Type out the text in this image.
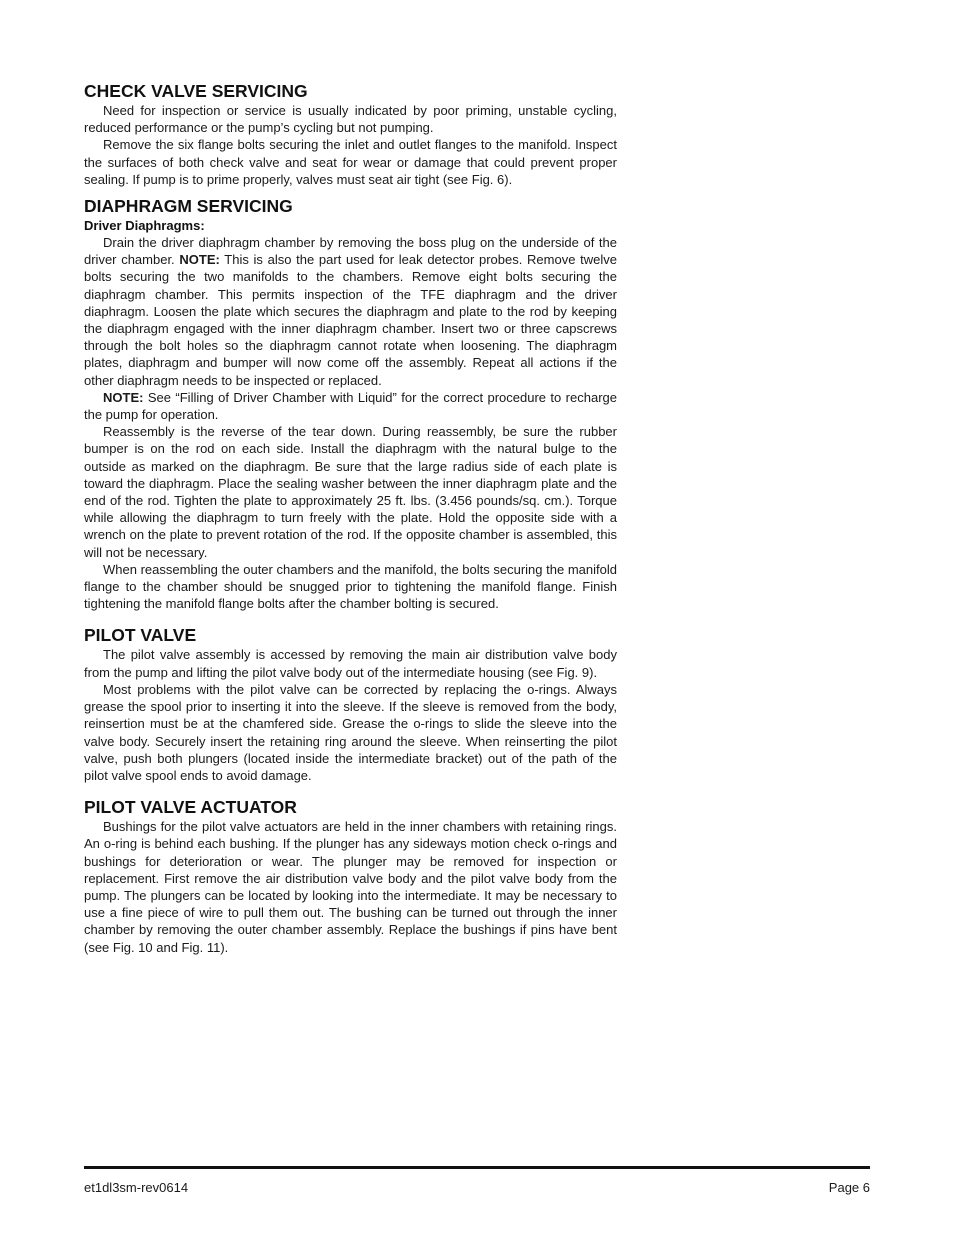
CHECK VALVE SERVICING

Need for inspection or service is usually indicated by poor priming, unstable cycling, reduced performance or the pump’s cycling but not pumping.

Remove the six flange bolts securing the inlet and outlet flanges to the manifold. Inspect the surfaces of both check valve and seat for wear or damage that could prevent proper sealing. If pump is to prime properly, valves must seat air tight (see Fig. 6).

DIAPHRAGM SERVICING
Driver Diaphragms:

Drain the driver diaphragm chamber by removing the boss plug on the underside of the driver chamber. NOTE: This is also the part used for leak detector probes. Remove twelve bolts securing the two manifolds to the chambers. Remove eight bolts securing the diaphragm chamber. This permits inspection of the TFE diaphragm and the driver diaphragm. Loosen the plate which secures the diaphragm and plate to the rod by keeping the diaphragm engaged with the inner diaphragm chamber. Insert two or three capscrews through the bolt holes so the diaphragm cannot rotate when loosening. The diaphragm plates, diaphragm and bumper will now come off the assembly. Repeat all actions if the other diaphragm needs to be inspected or replaced.

NOTE: See “Filling of Driver Chamber with Liquid” for the correct procedure to recharge the pump for operation.

Reassembly is the reverse of the tear down. During reassembly, be sure the rubber bumper is on the rod on each side. Install the diaphragm with the natural bulge to the outside as marked on the diaphragm. Be sure that the large radius side of each plate is toward the diaphragm. Place the sealing washer between the inner diaphragm plate and the end of the rod. Tighten the plate to approximately 25 ft. lbs. (3.456 pounds/sq. cm.). Torque while allowing the diaphragm to turn freely with the plate. Hold the opposite side with a wrench on the plate to prevent rotation of the rod. If the opposite chamber is assembled, this will not be necessary.

When reassembling the outer chambers and the manifold, the bolts securing the manifold flange to the chamber should be snugged prior to tightening the manifold flange. Finish tightening the manifold flange bolts after the chamber bolting is secured.

PILOT VALVE

The pilot valve assembly is accessed by removing the main air distribution valve body from the pump and lifting the pilot valve body out of the intermediate housing (see Fig. 9).

Most problems with the pilot valve can be corrected by replacing the o-rings. Always grease the spool prior to inserting it into the sleeve. If the sleeve is removed from the body, reinsertion must be at the chamfered side. Grease the o-rings to slide the sleeve into the valve body. Securely insert the retaining ring around the sleeve. When reinserting the pilot valve, push both plungers (located inside the intermediate bracket) out of the path of the pilot valve spool ends to avoid damage.

PILOT VALVE ACTUATOR

Bushings for the pilot valve actuators are held in the inner chambers with retaining rings. An o-ring is behind each bushing. If the plunger has any sideways motion check o-rings and bushings for deterioration or wear. The plunger may be removed for inspection or replacement. First remove the air distribution valve body and the pilot valve body from the pump. The plungers can be located by looking into the intermediate. It may be necessary to use a fine piece of wire to pull them out. The bushing can be turned out through the inner chamber by removing the outer chamber assembly. Replace the bushings if pins have bent (see Fig. 10 and Fig. 11).

et1dl3sm-rev0614	Page 6
